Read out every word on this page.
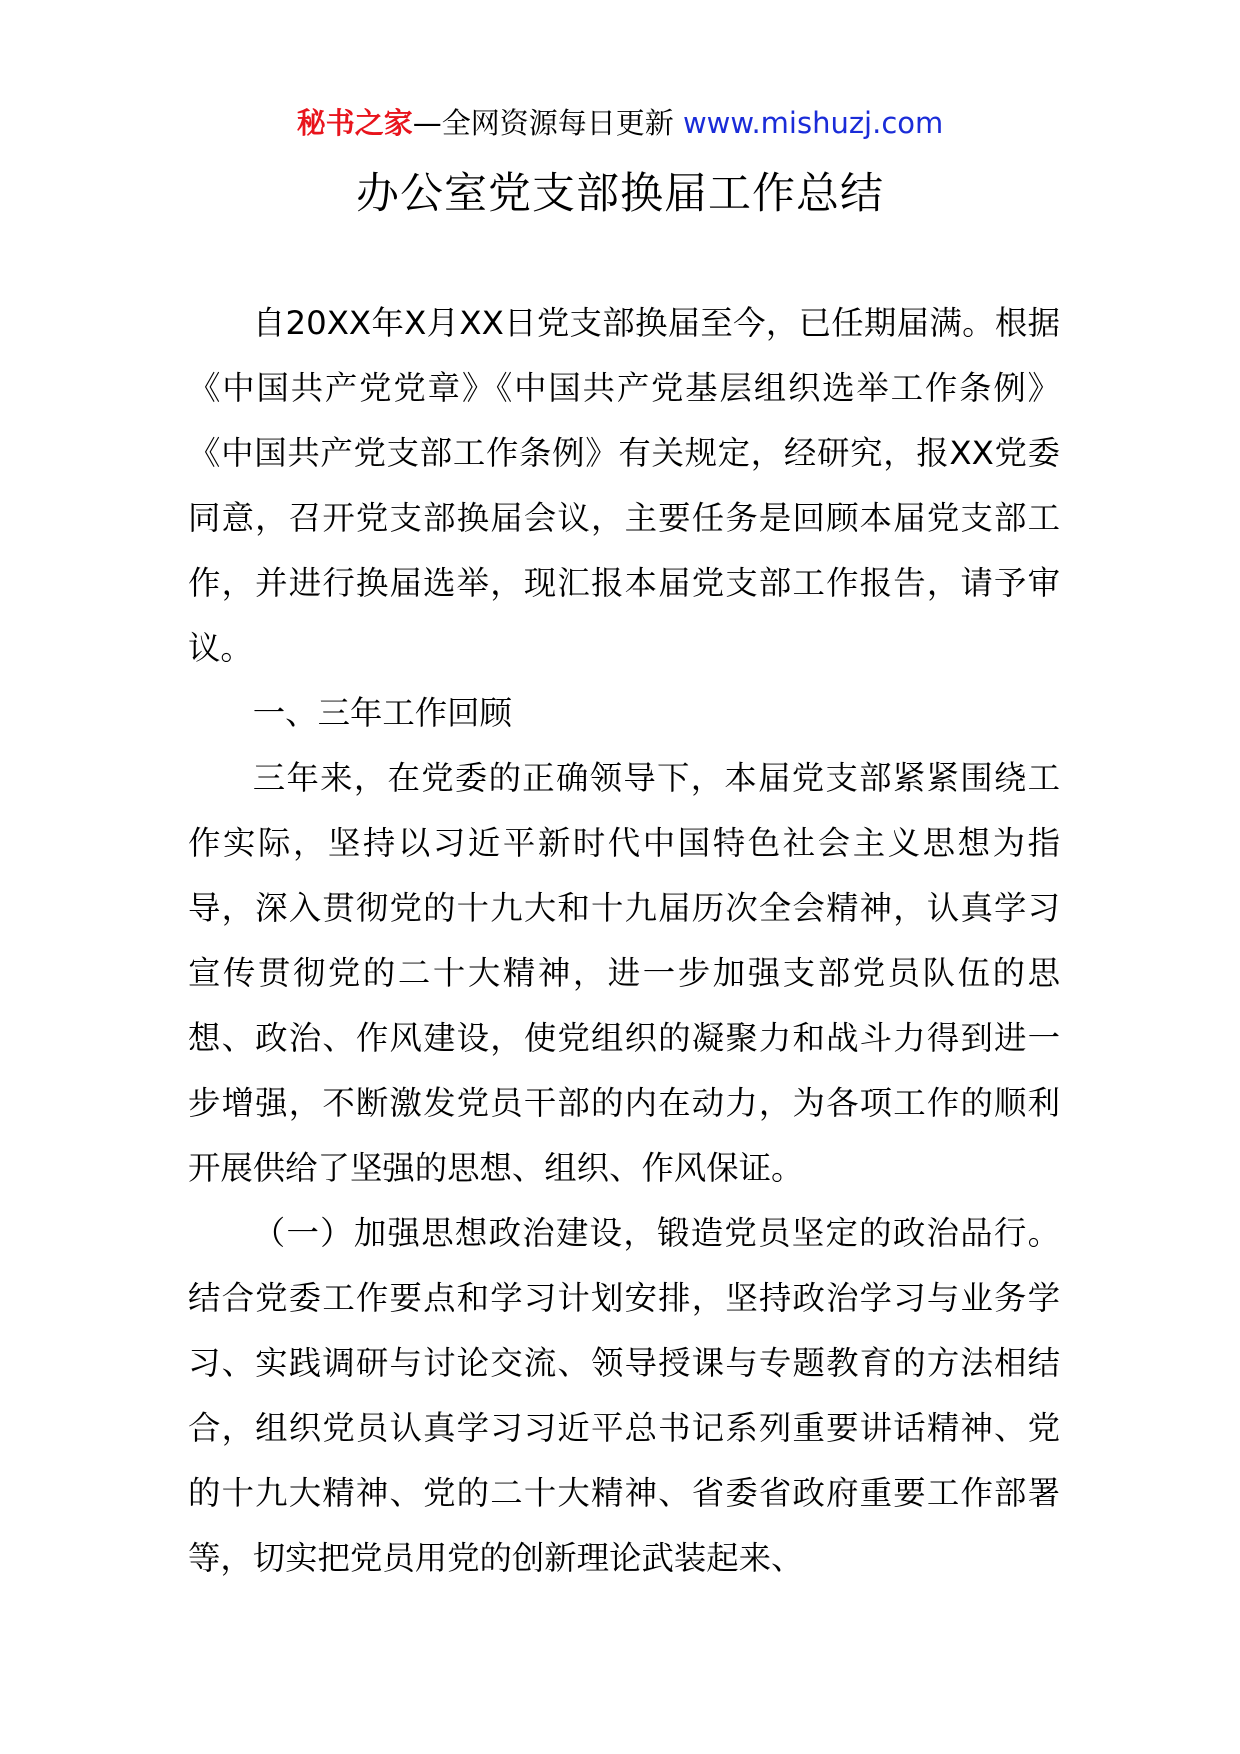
秘书之家—全网资源每日更新 www.mishuzj.com
办公室党支部换届工作总结

自20XX年X月XX日党支部换届至今，已任期届满。根据《中国共产党党章》《中国共产党基层组织选举工作条例》《中国共产党支部工作条例》有关规定，经研究，报XX党委同意，召开党支部换届会议，主要任务是回顾本届党支部工作，并进行换届选举，现汇报本届党支部工作报告，请予审议。

一、三年工作回顾

三年来，在党委的正确领导下，本届党支部紧紧围绕工作实际，坚持以习近平新时代中国特色社会主义思想为指导，深入贯彻党的十九大和十九届历次全会精神，认真学习宣传贯彻党的二十大精神，进一步加强支部党员队伍的思想、政治、作风建设，使党组织的凝聚力和战斗力得到进一步增强，不断激发党员干部的内在动力，为各项工作的顺利开展供给了坚强的思想、组织、作风保证。

（一）加强思想政治建设，锻造党员坚定的政治品行。结合党委工作要点和学习计划安排，坚持政治学习与业务学习、实践调研与讨论交流、领导授课与专题教育的方法相结合，组织党员认真学习习近平总书记系列重要讲话精神、党的十九大精神、党的二十大精神、省委省政府重要工作部署等，切实把党员用党的创新理论武装起来、
